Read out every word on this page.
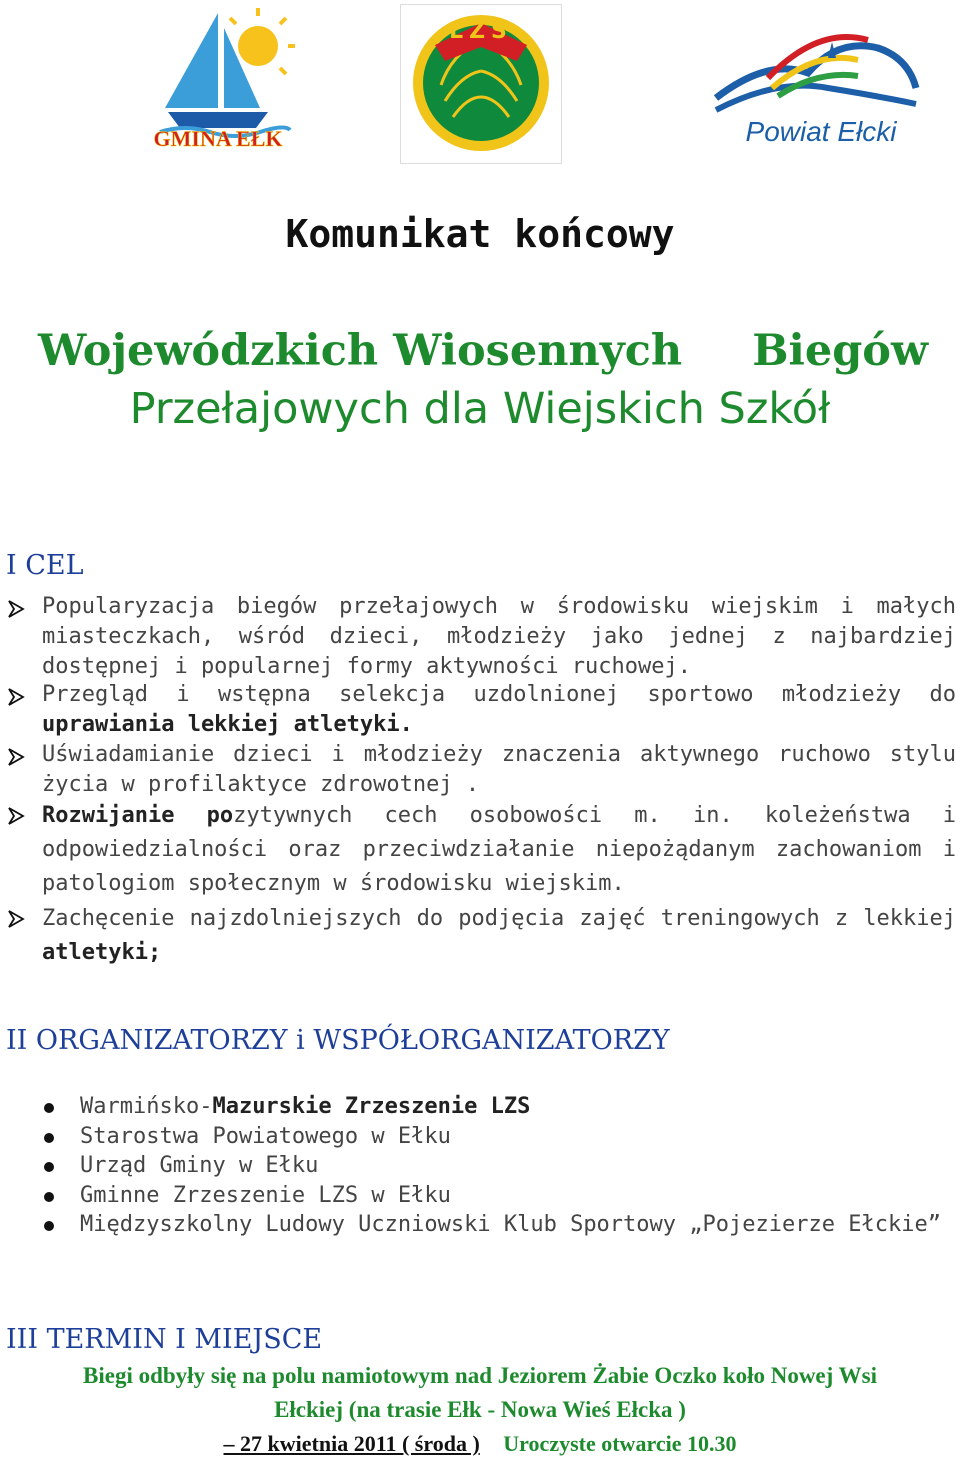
GMINA EŁK
LZS
Powiat Ełcki
Komunikat końcowy
Wojewódzkich Wiosennych Biegów
Przełajowych dla Wiejskich Szkół
I CEL
Popularyzacja biegów przełajowych w środowisku wiejskim i małych miasteczkach, wśród dzieci, młodzieży jako jednej z najbardziej dostępnej i popularnej formy aktywności ruchowej.
Przegląd i wstępna selekcja uzdolnionej sportowo młodzieży do uprawiania lekkiej atletyki.
Uświadamianie dzieci i młodzieży znaczenia aktywnego ruchowo stylu życia w profilaktyce zdrowotnej .
Rozwijanie pozytywnych cech osobowości m. in. koleżeństwa i odpowiedzialności oraz przeciwdziałanie niepożądanym zachowaniom i patologiom społecznym w środowisku wiejskim.
Zachęcenie najzdolniejszych do podjęcia zajęć treningowych z lekkiej atletyki;
II ORGANIZATORZY i WSPÓŁORGANIZATORZY
Warmińsko-Mazurskie Zrzeszenie LZS
Starostwa Powiatowego w Ełku
Urząd Gminy w Ełku
Gminne Zrzeszenie LZS w Ełku
Międzyszkolny Ludowy Uczniowski Klub Sportowy „Pojezierze Ełckie”
III TERMIN I MIEJSCE
Biegi odbyły się na polu namiotowym nad Jeziorem Żabie Oczko koło Nowej Wsi
Ełckiej (na trasie Ełk - Nowa Wieś Ełcka )
– 27 kwietnia 2011 ( środa ) Uroczyste otwarcie 10.30
